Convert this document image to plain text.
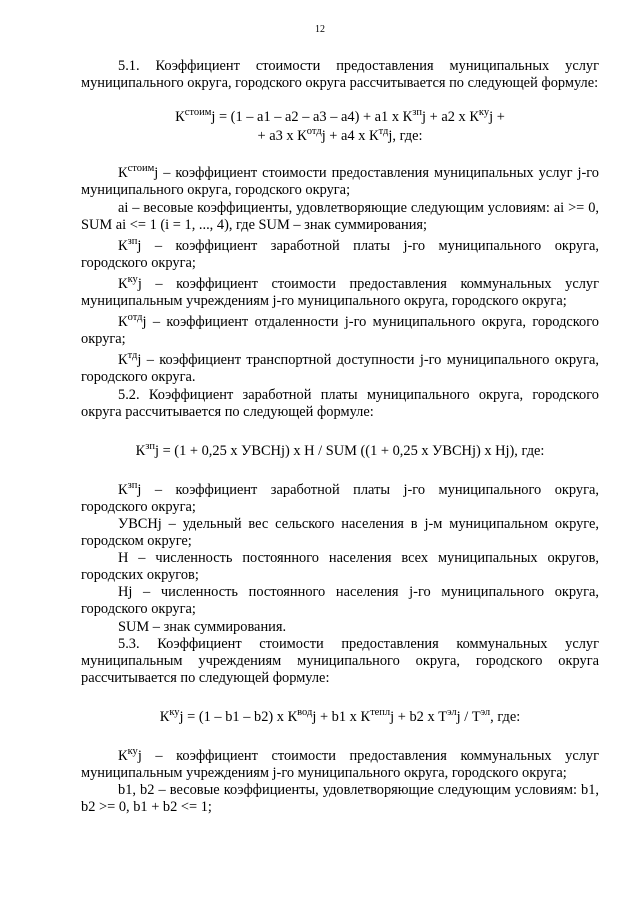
12

5.1. Коэффициент стоимости предоставления муниципальных услуг муниципального округа, городского округа рассчитывается по следующей формуле:

$К^{стоим}j = (1 - a1 - a2 - a3 - a4) + a1$ x $К^{зп}j + a2$ x $К^{ку}j$ +

+ a3 x $К^{отд}j + a4$ x $К^{тд}j$, где:

$К^{стоим}j$ – коэффициент стоимости предоставления муниципальных услуг j-го муниципального округа, городского округа;

ai – весовые коэффициенты, удовлетворяющие следующим условиям: ai >= 0, SUM ai <= 1 (i = 1, ..., 4), где SUM – знак суммирования;

$К^{зп}j$ – коэффициент заработной платы j-го муниципального округа, городского округа;

$К^{ку}j$ – коэффициент стоимости предоставления коммунальных услуг муниципальным учреждениям j-го муниципального округа, городского округа;

$К^{отд}j$ – коэффициент отдаленности j-го муниципального округа, городского округа;

$К^{тд}j$ – коэффициент транспортной доступности j-го муниципального округа, городского округа.

5.2. Коэффициент заработной платы муниципального округа, городского округа рассчитывается по следующей формуле:

$К^{зп}j = (1 + 0,25$ x УВСНj) x Н / SUM ((1 + 0,25 x УВСНj) x Нj), где:

$К^{зп}j$ – коэффициент заработной платы j-го муниципального округа, городского округа;

УВСНj – удельный вес сельского населения в j-м муниципальном округе, городском округе;

Н – численность постоянного населения всех муниципальных округов, городских округов;

Нj – численность постоянного населения j-го муниципального округа, городского округа;

SUM – знак суммирования.

5.3. Коэффициент стоимости предоставления коммунальных услуг муниципальным учреждениям муниципального округа, городского округа рассчитывается по следующей формуле:

$К^{ку}j = (1 - b1 - b2)$ x $К^{вод}j + b1$ x $К^{тепл}j + b2$ x $Т^{эл}j / Т^{эл}$, где:

$К^{ку}j$ – коэффициент стоимости предоставления коммунальных услуг муниципальным учреждениям j-го муниципального округа, городского округа;

b1, b2 – весовые коэффициенты, удовлетворяющие следующим условиям: b1, b2 >= 0, b1 + b2 <= 1;
